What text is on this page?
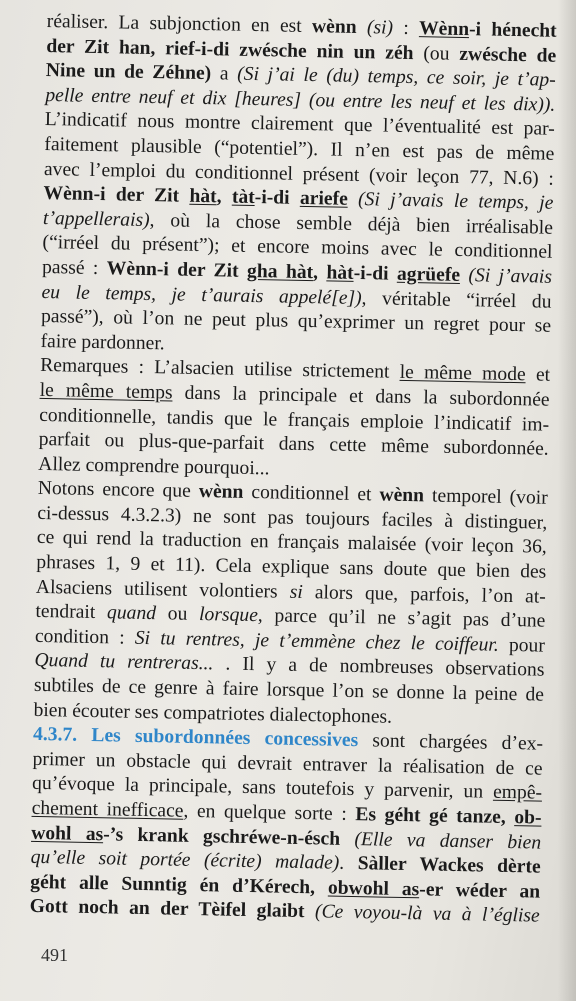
réaliser. La subjonction en est wènn (si) : Wènn-i hénecht
der Zit han, rief-i-di zwésche nin un zéh (ou zwésche de
Nine un de Zéhne) a (Si j’ai le (du) temps, ce soir, je t’ap-
pelle entre neuf et dix [heures] (ou entre les neuf et les dix)).
L’indicatif nous montre clairement que l’éventualité est par-
faitement plausible (“potentiel”). Il n’en est pas de même
avec l’emploi du conditionnel présent (voir leçon 77, N.6) :
Wènn-i der Zit hàt, tàt-i-di ariefe (Si j’avais le temps, je
t’appellerais), où la chose semble déjà bien irréalisable
(“irréel du présent”); et encore moins avec le conditionnel
passé : Wènn-i der Zit gha hàt, hàt-i-di agrüefe (Si j’avais
eu le temps, je t’aurais appelé[e]), véritable “irréel du
passé”), où l’on ne peut plus qu’exprimer un regret pour se
faire pardonner.
Remarques : L’alsacien utilise strictement le même mode et
le même temps dans la principale et dans la subordonnée
conditionnelle, tandis que le français emploie l’indicatif im-
parfait ou plus-que-parfait dans cette même subordonnée.
Allez comprendre pourquoi...
Notons encore que wènn conditionnel et wènn temporel (voir
ci-dessus 4.3.2.3) ne sont pas toujours faciles à distinguer,
ce qui rend la traduction en français malaisée (voir leçon 36,
phrases 1, 9 et 11). Cela explique sans doute que bien des
Alsaciens utilisent volontiers si alors que, parfois, l’on at-
tendrait quand ou lorsque, parce qu’il ne s’agit pas d’une
condition : Si tu rentres, je t’emmène chez le coiffeur. pour
Quand tu rentreras... . Il y a de nombreuses observations
subtiles de ce genre à faire lorsque l’on se donne la peine de
bien écouter ses compatriotes dialectophones.
4.3.7. Les subordonnées concessives sont chargées d’ex-
primer un obstacle qui devrait entraver la réalisation de ce
qu’évoque la principale, sans toutefois y parvenir, un empê-
chement inefficace, en quelque sorte : Es géht gé tanze, ob-
wohl as-’s krank gschréwe-n-ésch (Elle va danser bien
qu’elle soit portée (écrite) malade). Sàller Wackes dèrte
géht alle Sunntig én d’Kérech, obwohl as-er wéder an
Gott noch an der Tèifel glaibt (Ce voyou-là va à l’église
491
